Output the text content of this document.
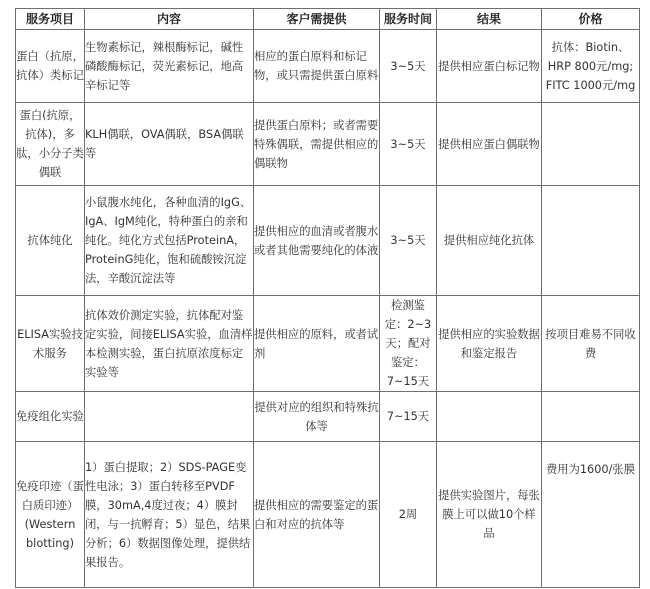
服务项目	内容	客户需提供	服务时间	结果	价格

蛋白（抗原，抗体）类标记	生物素标记，辣根酶标记，碱性磷酸酶标记，荧光素标记，地高辛标记等	相应的蛋白原料和标记物，或只需提供蛋白原料	3~5天	提供相应蛋白标记物	抗体：Biotin、HRP 800元/mg; FITC 1000元/mg

蛋白(抗原，抗体)，多肽，小分子类偶联	KLH偶联，OVA偶联，BSA偶联等	提供蛋白原料；或者需要特殊偶联，需提供相应的偶联物	3~5天	提供相应蛋白偶联物	

抗体纯化	小鼠腹水纯化，各种血清的IgG、IgA、IgM纯化，特种蛋白的亲和纯化。纯化方式包括ProteinA，ProteinG纯化，饱和硫酸铵沉淀法，辛酸沉淀法等	提供相应的血清或者腹水或者其他需要纯化的体液	3~5天	提供相应纯化抗体	

ELISA实验技术服务	抗体效价测定实验，抗体配对鉴定实验，间接ELISA实验，血清样本检测实验，蛋白抗原浓度标定实验等	提供相应的原料，或者试剂	检测鉴定：2~3天；配对鉴定：7~15天	提供相应的实验数据和鉴定报告	按项目难易不同收费

免疫组化实验		提供对应的组织和特殊抗体等	7~15天		

免疫印迹（蛋白质印迹）(Western blotting)	1）蛋白提取；2）SDS-PAGE变性电泳；3）蛋白转移至PVDF膜，30mA,4度过夜；4）膜封闭，与一抗孵育；5）显色，结果分析；6）数据图像处理，提供结果报告。	提供相应的需要鉴定的蛋白和对应的抗体等	2周	提供实验图片，每张膜上可以做10个样品	费用为1600/张膜
